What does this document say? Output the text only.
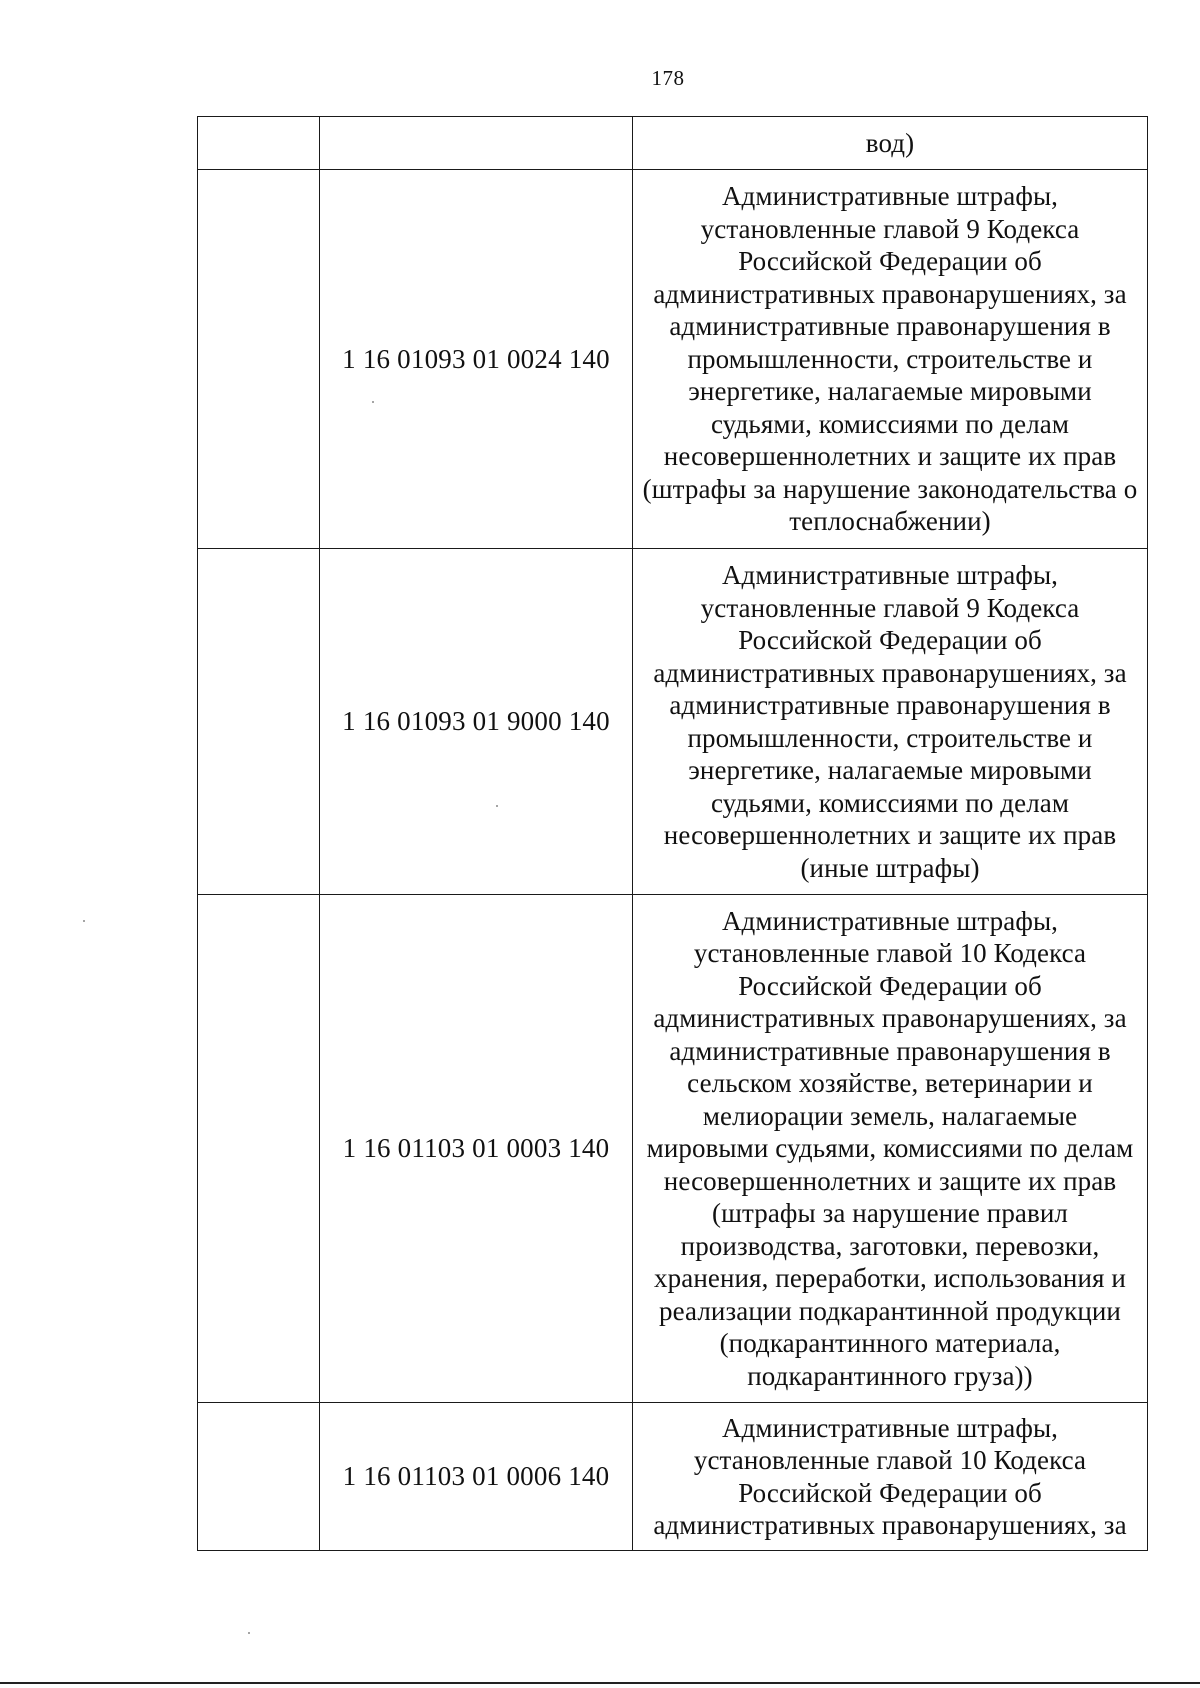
178
		вод)
	1 16 01093 01 0024 140	Административные штрафы, установленные главой 9 Кодекса Российской Федерации об административных правонарушениях, за административные правонарушения в промышленности, строительстве и энергетике, налагаемые мировыми судьями, комиссиями по делам несовершеннолетних и защите их прав (штрафы за нарушение законодательства о теплоснабжении)
	1 16 01093 01 9000 140	Административные штрафы, установленные главой 9 Кодекса Российской Федерации об административных правонарушениях, за административные правонарушения в промышленности, строительстве и энергетике, налагаемые мировыми судьями, комиссиями по делам несовершеннолетних и защите их прав (иные штрафы)
	1 16 01103 01 0003 140	Административные штрафы, установленные главой 10 Кодекса Российской Федерации об административных правонарушениях, за административные правонарушения в сельском хозяйстве, ветеринарии и мелиорации земель, налагаемые мировыми судьями, комиссиями по делам несовершеннолетних и защите их прав (штрафы за нарушение правил производства, заготовки, перевозки, хранения, переработки, использования и реализации подкарантинной продукции (подкарантинного материала, подкарантинного груза))
	1 16 01103 01 0006 140	Административные штрафы, установленные главой 10 Кодекса Российской Федерации об административных правонарушениях, за
